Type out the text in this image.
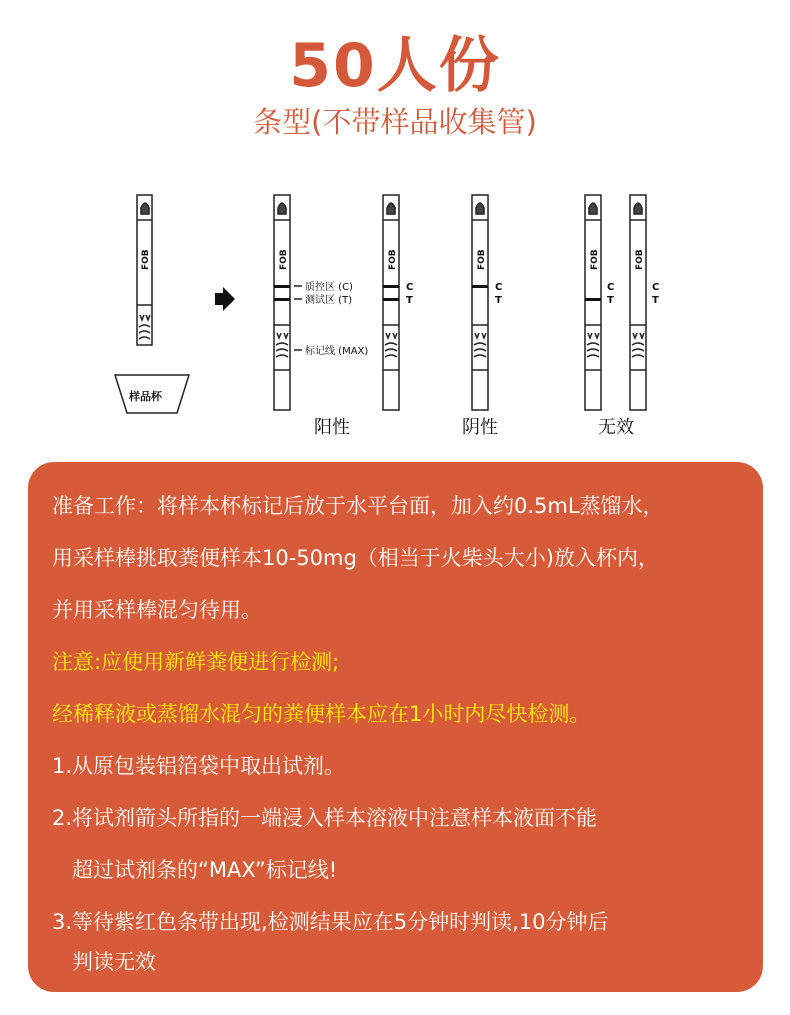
50人份
条型(不带样品收集管)
FOB	FOB	FOB	FOB	FOB	FOB
样品杯
质控区 (C)
测试区 (T)
标记线 (MAX)
C
T
C
T
C
T
C
T
阳性	阴性	无效
准备工作：将样本杯标记后放于水平台面，加入约0.5mL蒸馏水，
用采样棒挑取粪便样本10-50mg（相当于火柴头大小)放入杯内，
并用采样棒混匀待用。
注意:应使用新鲜粪便进行检测;
经稀释液或蒸馏水混匀的粪便样本应在1小时内尽快检测。
1.从原包装铝箔袋中取出试剂。
2.将试剂箭头所指的一端浸入样本溶液中注意样本液面不能
超过试剂条的“MAX”标记线!
3.等待紫红色条带出现,检测结果应在5分钟时判读,10分钟后
判读无效
